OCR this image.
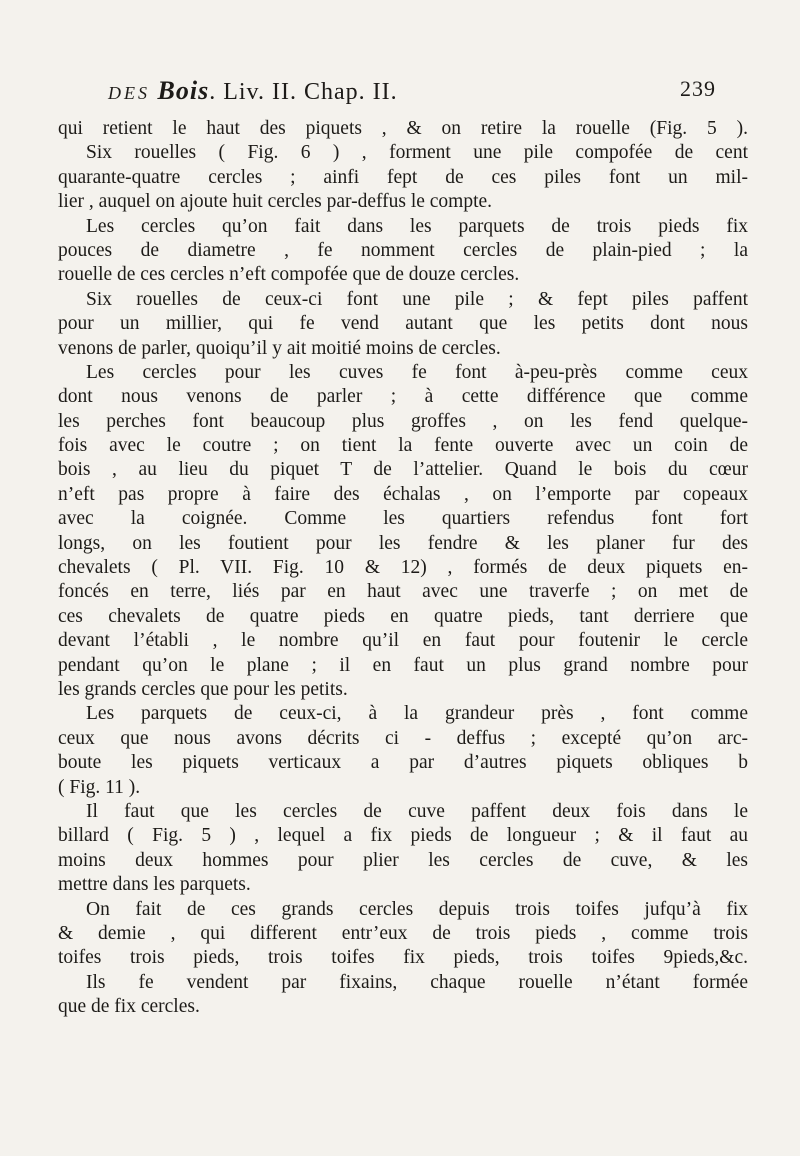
DES Bois. Liv. II. Chap. II.	239
qui retient le haut des piquets , & on retire la rouelle (Fig. 5 ).
Six rouelles ( Fig. 6 ) , forment une pile compofée de cent
quarante-quatre cercles ; ainfi fept de ces piles font un mil-
lier , auquel on ajoute huit cercles par-deffus le compte.
Les cercles qu’on fait dans les parquets de trois pieds fix
pouces de diametre , fe nomment cercles de plain-pied ; la
rouelle de ces cercles n’eft compofée que de douze cercles.
Six rouelles de ceux-ci font une pile ; & fept piles paffent
pour un millier, qui fe vend autant que les petits dont nous
venons de parler, quoiqu’il y ait moitié moins de cercles.
Les cercles pour les cuves fe font à-peu-près comme ceux
dont nous venons de parler ; à cette différence que comme
les perches font beaucoup plus groffes , on les fend quelque-
fois avec le coutre ; on tient la fente ouverte avec un coin de
bois , au lieu du piquet T de l’attelier. Quand le bois du cœur
n’eft pas propre à faire des échalas , on l’emporte par copeaux
avec la coignée. Comme les quartiers refendus font fort
longs, on les foutient pour les fendre & les planer fur des
chevalets ( Pl. VII. Fig. 10 & 12) , formés de deux piquets en-
foncés en terre, liés par en haut avec une traverfe ; on met de
ces chevalets de quatre pieds en quatre pieds, tant derriere que
devant l’établi , le nombre qu’il en faut pour foutenir le cercle
pendant qu’on le plane ; il en faut un plus grand nombre pour
les grands cercles que pour les petits.
Les parquets de ceux-ci, à la grandeur près , font comme
ceux que nous avons décrits ci - deffus ; excepté qu’on arc-
boute les piquets verticaux a par d’autres piquets obliques b
( Fig. 11 ).
Il faut que les cercles de cuve paffent deux fois dans le
billard ( Fig. 5 ) , lequel a fix pieds de longueur ; & il faut au
moins deux hommes pour plier les cercles de cuve, & les
mettre dans les parquets.
On fait de ces grands cercles depuis trois toifes jufqu’à fix
& demie , qui different entr’eux de trois pieds , comme trois
toifes trois pieds, trois toifes fix pieds, trois toifes 9pieds,&c.
Ils fe vendent par fixains, chaque rouelle n’étant formée
que de fix cercles.
